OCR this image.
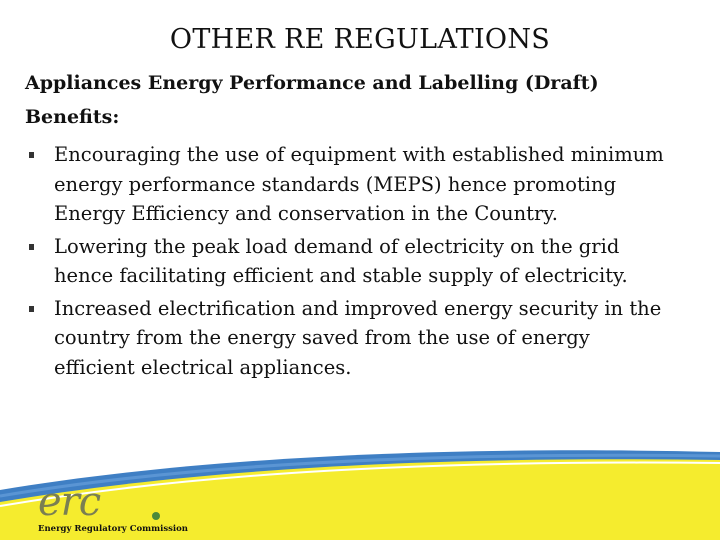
OTHER RE REGULATIONS
Appliances Energy Performance and Labelling (Draft)
Benefits:
Encouraging the use of equipment with established minimum energy performance standards (MEPS) hence promoting Energy Efficiency and conservation in the Country.
Lowering the peak load demand of electricity on the grid hence facilitating efficient and stable supply of electricity.
Increased electrification and improved energy security in the country from the energy saved from the use of energy efficient electrical appliances.
erc
Energy Regulatory Commission
